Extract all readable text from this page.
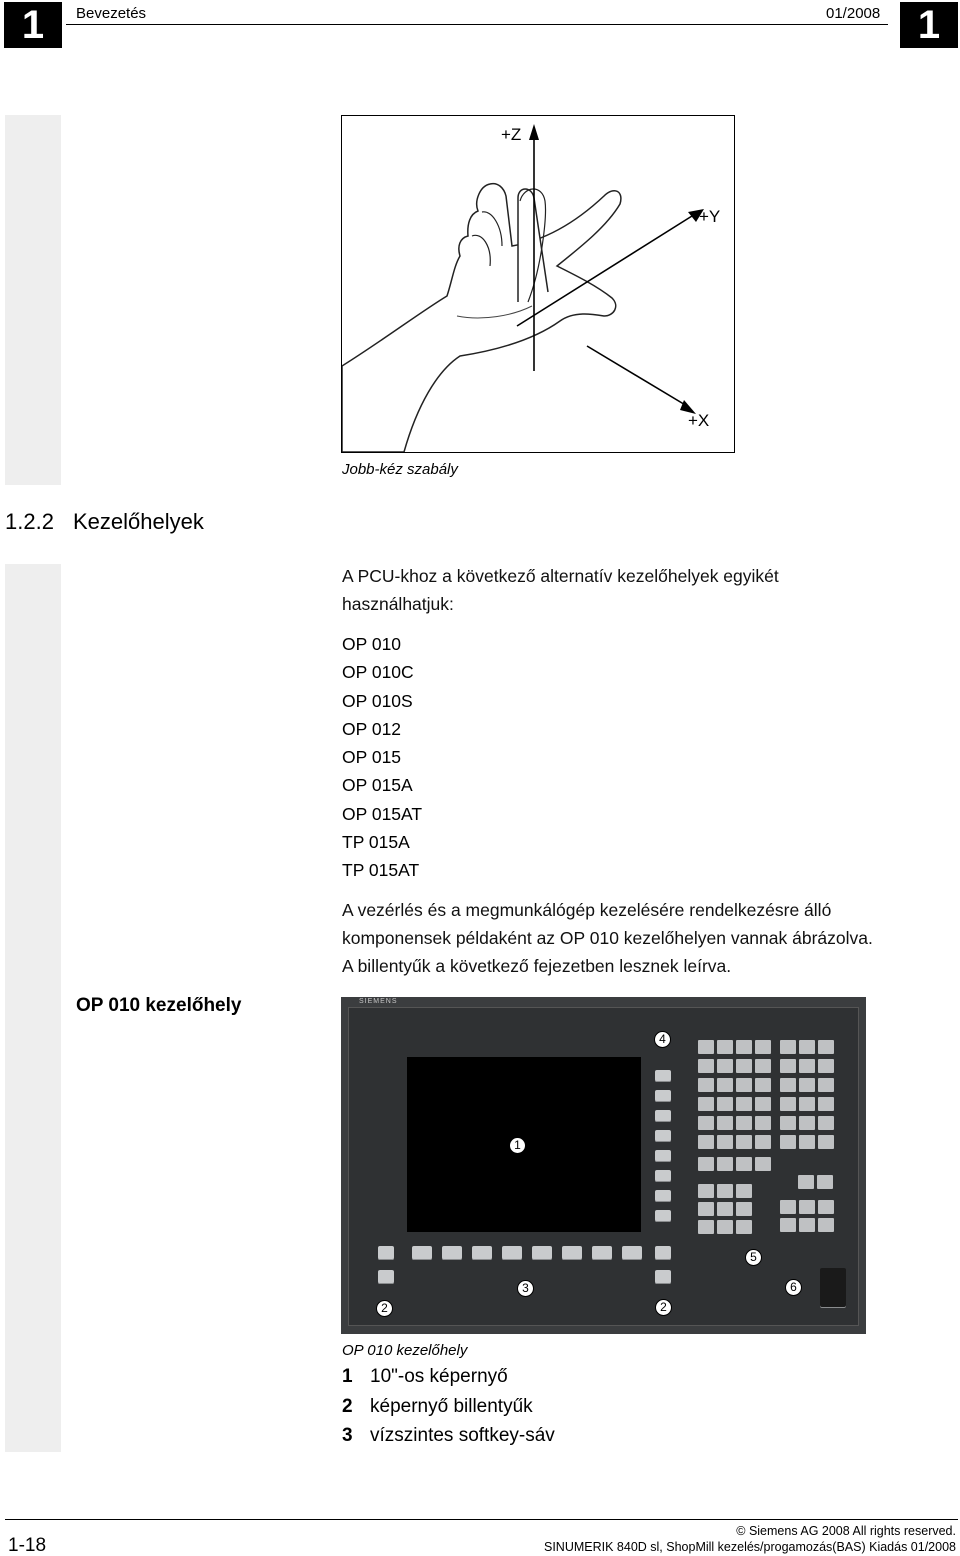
1	Bevezetés	01/2008 1
+Z
+Y
+X
Jobb-kéz szabály
1.2.2 Kezelőhelyek
A PCU-khoz a következő alternatív kezelőhelyek egyikét
használhatjuk:
OP 010
OP 010C
OP 010S
OP 012
OP 015
OP 015A
OP 015AT
TP 015A
TP 015AT
A vezérlés és a megmunkálógép kezelésére rendelkezésre álló
komponensek példaként az OP 010 kezelőhelyen vannak ábrázolva.
A billentyűk a következő fejezetben lesznek leírva.
OP 010 kezelőhely	SIEMENS
4
1
5
3	6
2	2
OP 010 kezelőhely
1 10"-os képernyő
2 képernyő billentyűk
3 vízszintes softkey-sáv
1-18
© Siemens AG 2008 All rights reserved.
SINUMERIK 840D sl, ShopMill kezelés/progamozás(BAS) Kiadás 01/2008
